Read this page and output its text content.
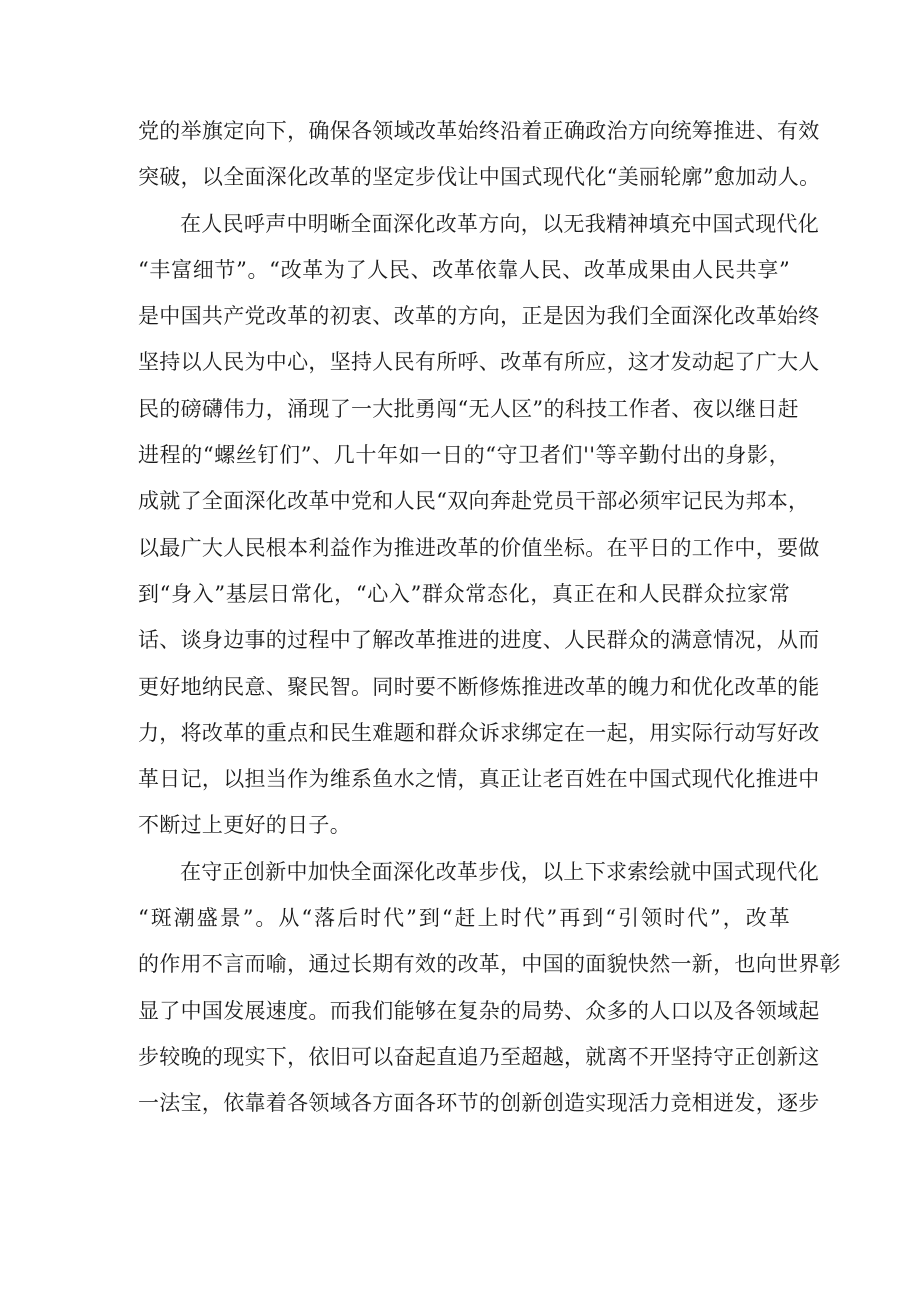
党的举旗定向下，确保各领域改革始终沿着正确政治方向统筹推进、有效
突破，以全面深化改革的坚定步伐让中国式现代化“美丽轮廓”愈加动人。
在人民呼声中明晰全面深化改革方向，以无我精神填充中国式现代化
“丰富细节”。“改革为了人民、改革依靠人民、改革成果由人民共享”
是中国共产党改革的初衷、改革的方向，正是因为我们全面深化改革始终
坚持以人民为中心，坚持人民有所呼、改革有所应，这才发动起了广大人
民的磅礴伟力，涌现了一大批勇闯“无人区”的科技工作者、夜以继日赶
进程的“螺丝钉们”、几十年如一日的“守卫者们''等辛勤付出的身影，
成就了全面深化改革中党和人民“双向奔赴党员干部必须牢记民为邦本，
以最广大人民根本利益作为推进改革的价值坐标。在平日的工作中，要做
到“身入”基层日常化，“心入”群众常态化，真正在和人民群众拉家常
话、谈身边事的过程中了解改革推进的进度、人民群众的满意情况，从而
更好地纳民意、聚民智。同时要不断修炼推进改革的魄力和优化改革的能
力，将改革的重点和民生难题和群众诉求绑定在一起，用实际行动写好改
革日记，以担当作为维系鱼水之情，真正让老百姓在中国式现代化推进中
不断过上更好的日子。
在守正创新中加快全面深化改革步伐，以上下求索绘就中国式现代化
“斑潮盛景”。从“落后时代”到“赶上时代”再到“引领时代”，改革
的作用不言而喻，通过长期有效的改革，中国的面貌快然一新，也向世界彰
显了中国发展速度。而我们能够在复杂的局势、众多的人口以及各领域起
步较晚的现实下，依旧可以奋起直追乃至超越，就离不开坚持守正创新这
一法宝，依靠着各领域各方面各环节的创新创造实现活力竞相迸发，逐步
